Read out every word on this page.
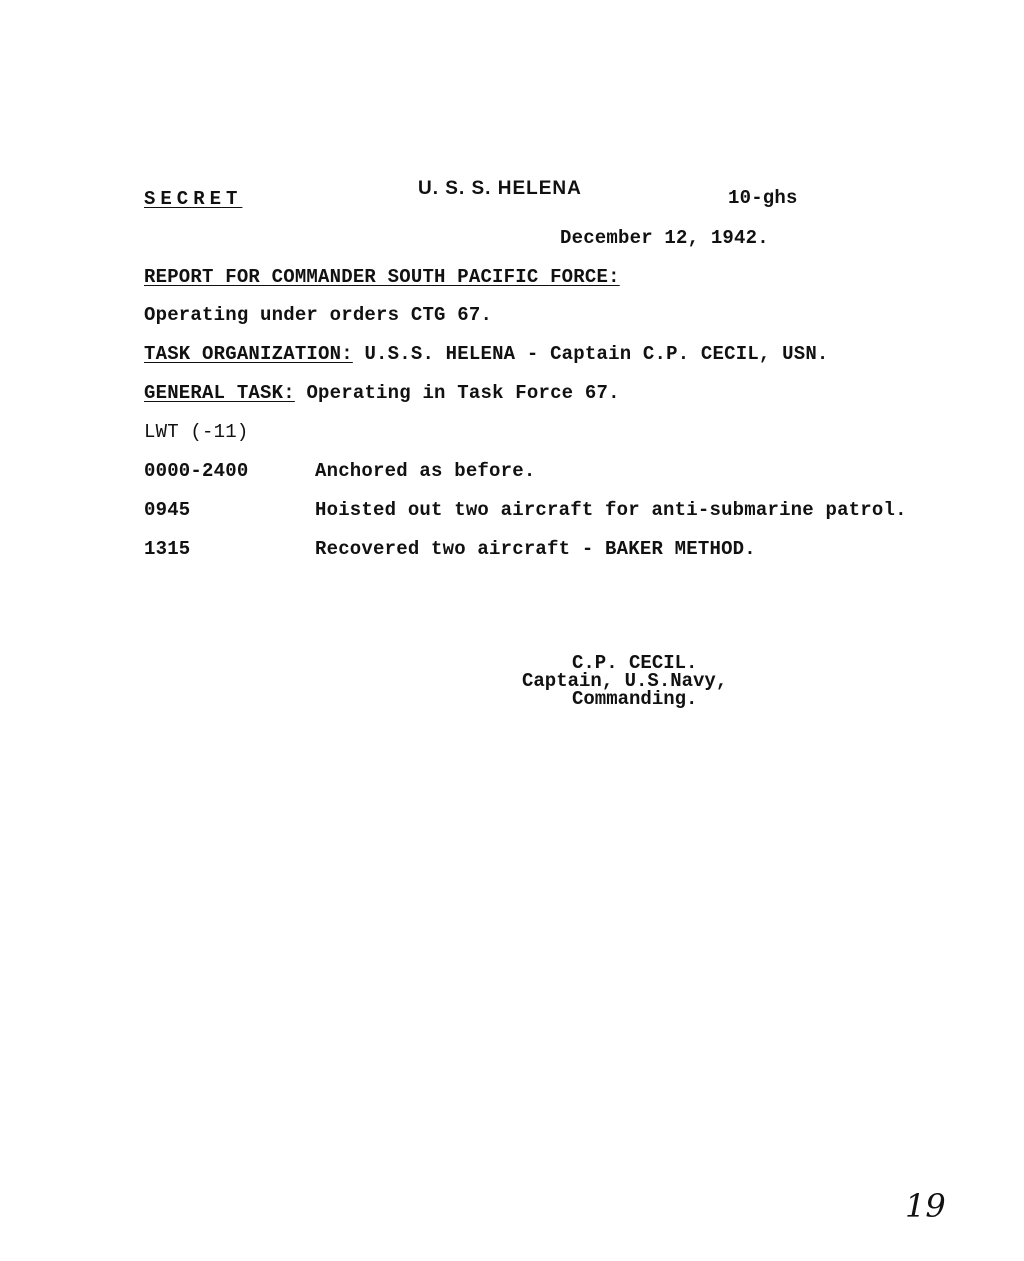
SECRET	U. S. S. HELENA	10-ghs
December 12, 1942.
REPORT FOR COMMANDER SOUTH PACIFIC FORCE:
Operating under orders CTG 67.
TASK ORGANIZATION: U.S.S. HELENA - Captain C.P. CECIL, USN.
GENERAL TASK: Operating in Task Force 67.
LWT (-11)
0000-2400	Anchored as before.
0945	Hoisted out two aircraft for anti-submarine patrol.
1315	Recovered two aircraft - BAKER METHOD.
C.P. CECIL.
Captain, U.S.Navy,
Commanding.
19
